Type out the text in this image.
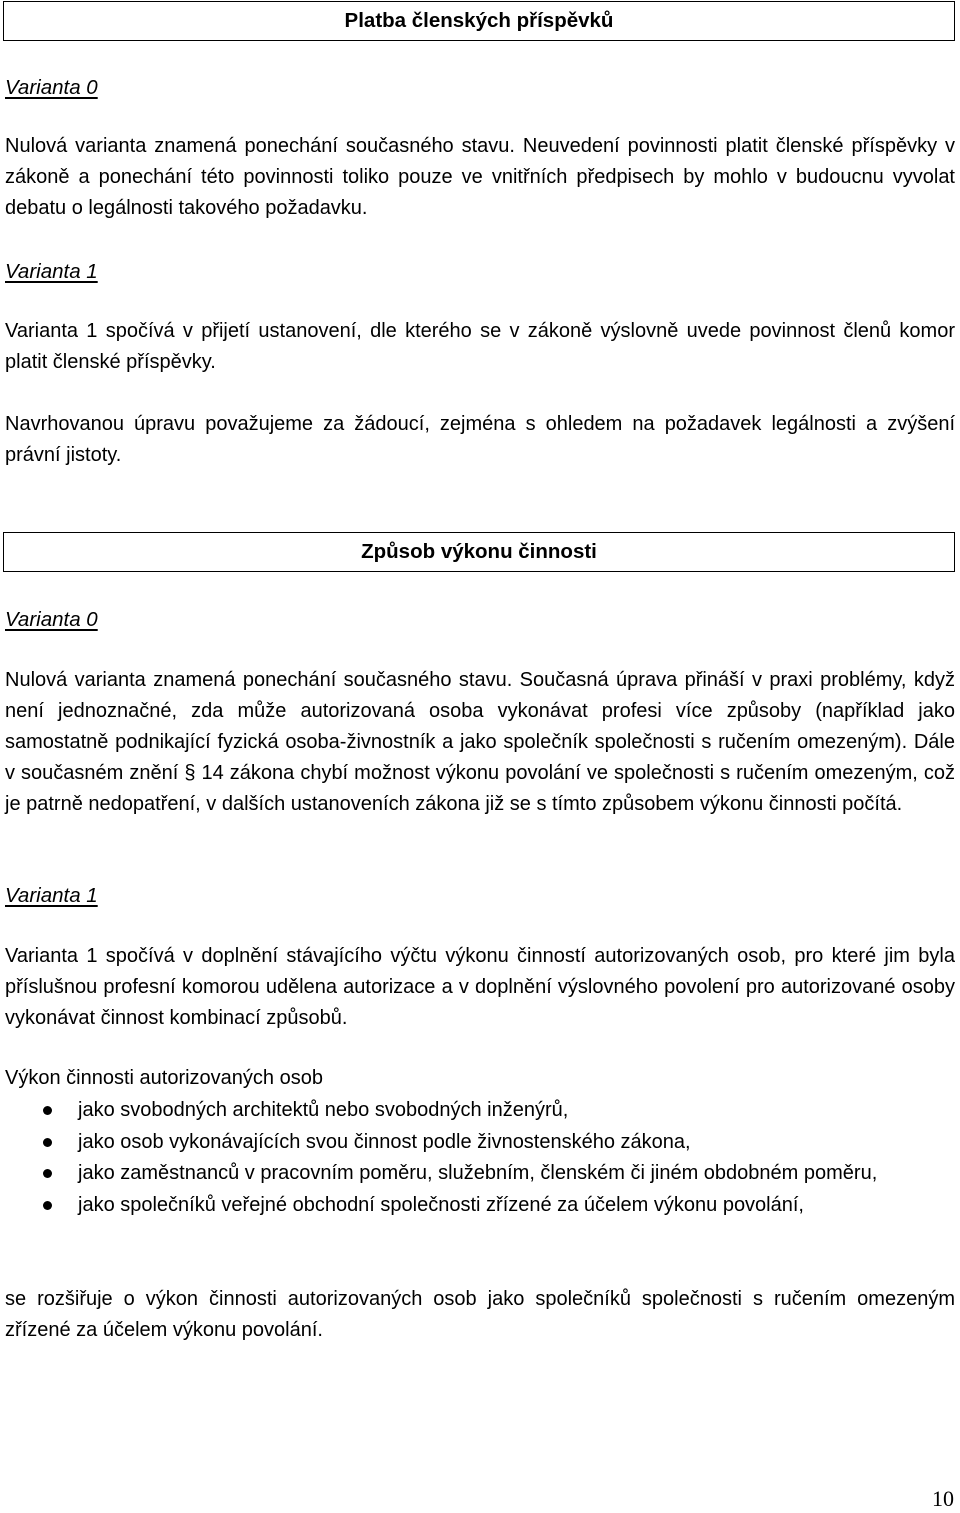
Platba členských příspěvků
Varianta 0

Nulová varianta znamená ponechání současného stavu. Neuvedení povinnosti platit členské příspěvky v zákoně a ponechání této povinnosti toliko pouze ve vnitřních předpisech by mohlo v budoucnu vyvolat debatu o legálnosti takového požadavku.

Varianta 1

Varianta 1 spočívá v přijetí ustanovení, dle kterého se v zákoně výslovně uvede povinnost členů komor platit členské příspěvky.

Navrhovanou úpravu považujeme za žádoucí, zejména s ohledem na požadavek legálnosti a zvýšení právní jistoty.

Způsob výkonu činnosti
Varianta 0

Nulová varianta znamená ponechání současného stavu. Současná úprava přináší v praxi problémy, když není jednoznačné, zda může autorizovaná osoba vykonávat profesi více způsoby (například jako samostatně podnikající fyzická osoba-živnostník a jako společník společnosti s ručením omezeným). Dále v současném znění § 14 zákona chybí možnost výkonu povolání ve společnosti s ručením omezeným, což je patrně nedopatření, v dalších ustanoveních zákona již se s tímto způsobem výkonu činnosti počítá.

Varianta 1

Varianta 1 spočívá v doplnění stávajícího výčtu výkonu činností autorizovaných osob, pro které jim byla příslušnou profesní komorou udělena autorizace a v doplnění výslovného povolení pro autorizované osoby vykonávat činnost kombinací způsobů.

Výkon činnosti autorizovaných osob

jako svobodných architektů nebo svobodných inženýrů,
jako osob vykonávajících svou činnost podle živnostenského zákona,
jako zaměstnanců v pracovním poměru, služebním, členském či jiném obdobném poměru,
jako společníků veřejné obchodní společnosti zřízené za účelem výkonu povolání,

se rozšiřuje o výkon činnosti autorizovaných osob jako společníků společnosti s ručením omezeným zřízené za účelem výkonu povolání.

10
